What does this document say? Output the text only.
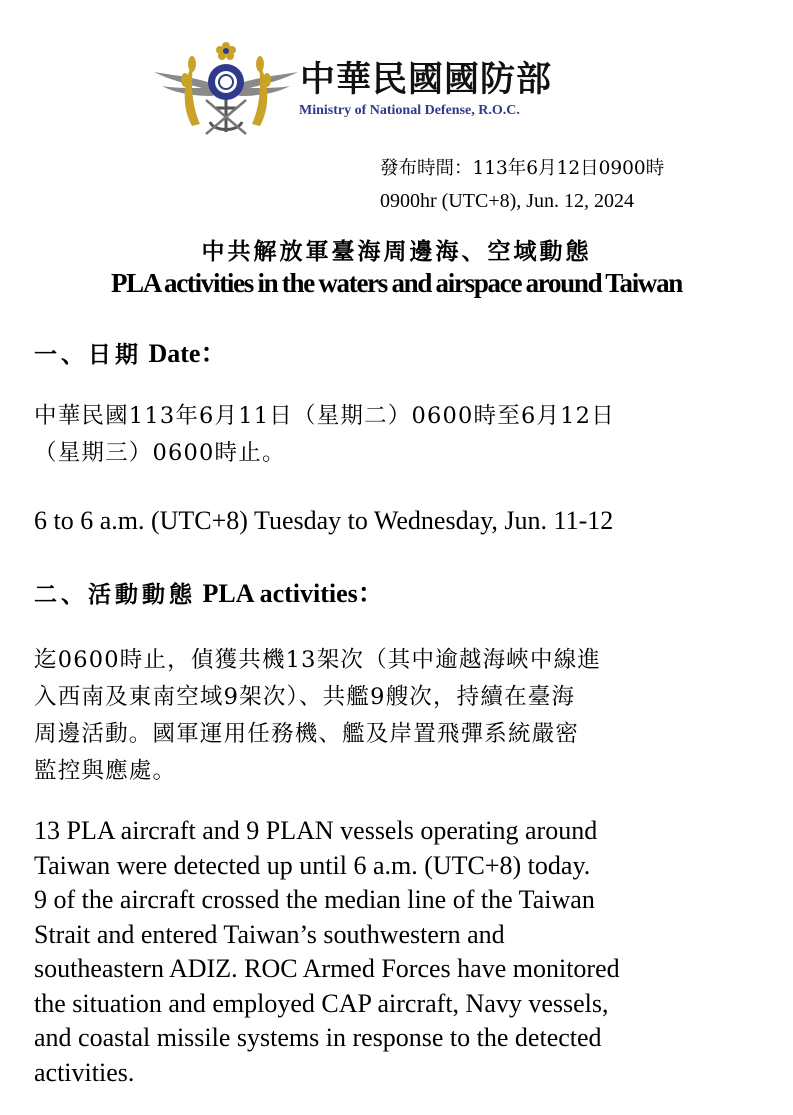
中華民國國防部
Ministry of National Defense, R.O.C.
發布時間：113年6月12日0900時
0900hr (UTC+8), Jun. 12, 2024
中共解放軍臺海周邊海、空域動態
PLA activities in the waters and airspace around Taiwan
一、日期 Date：
中華民國113年6月11日（星期二）0600時至6月12日
（星期三）0600時止。
6 to 6 a.m. (UTC+8) Tuesday to Wednesday, Jun. 11-12
二、活動動態 PLA activities：
迄0600時止，偵獲共機13架次（其中逾越海峽中線進
入西南及東南空域9架次）、共艦9艘次，持續在臺海
周邊活動。國軍運用任務機、艦及岸置飛彈系統嚴密
監控與應處。
13 PLA aircraft and 9 PLAN vessels operating around
Taiwan were detected up until 6 a.m. (UTC+8) today.
9 of the aircraft crossed the median line of the Taiwan
Strait and entered Taiwan’s southwestern and
southeastern ADIZ. ROC Armed Forces have monitored
the situation and employed CAP aircraft, Navy vessels,
and coastal missile systems in response to the detected
activities.
